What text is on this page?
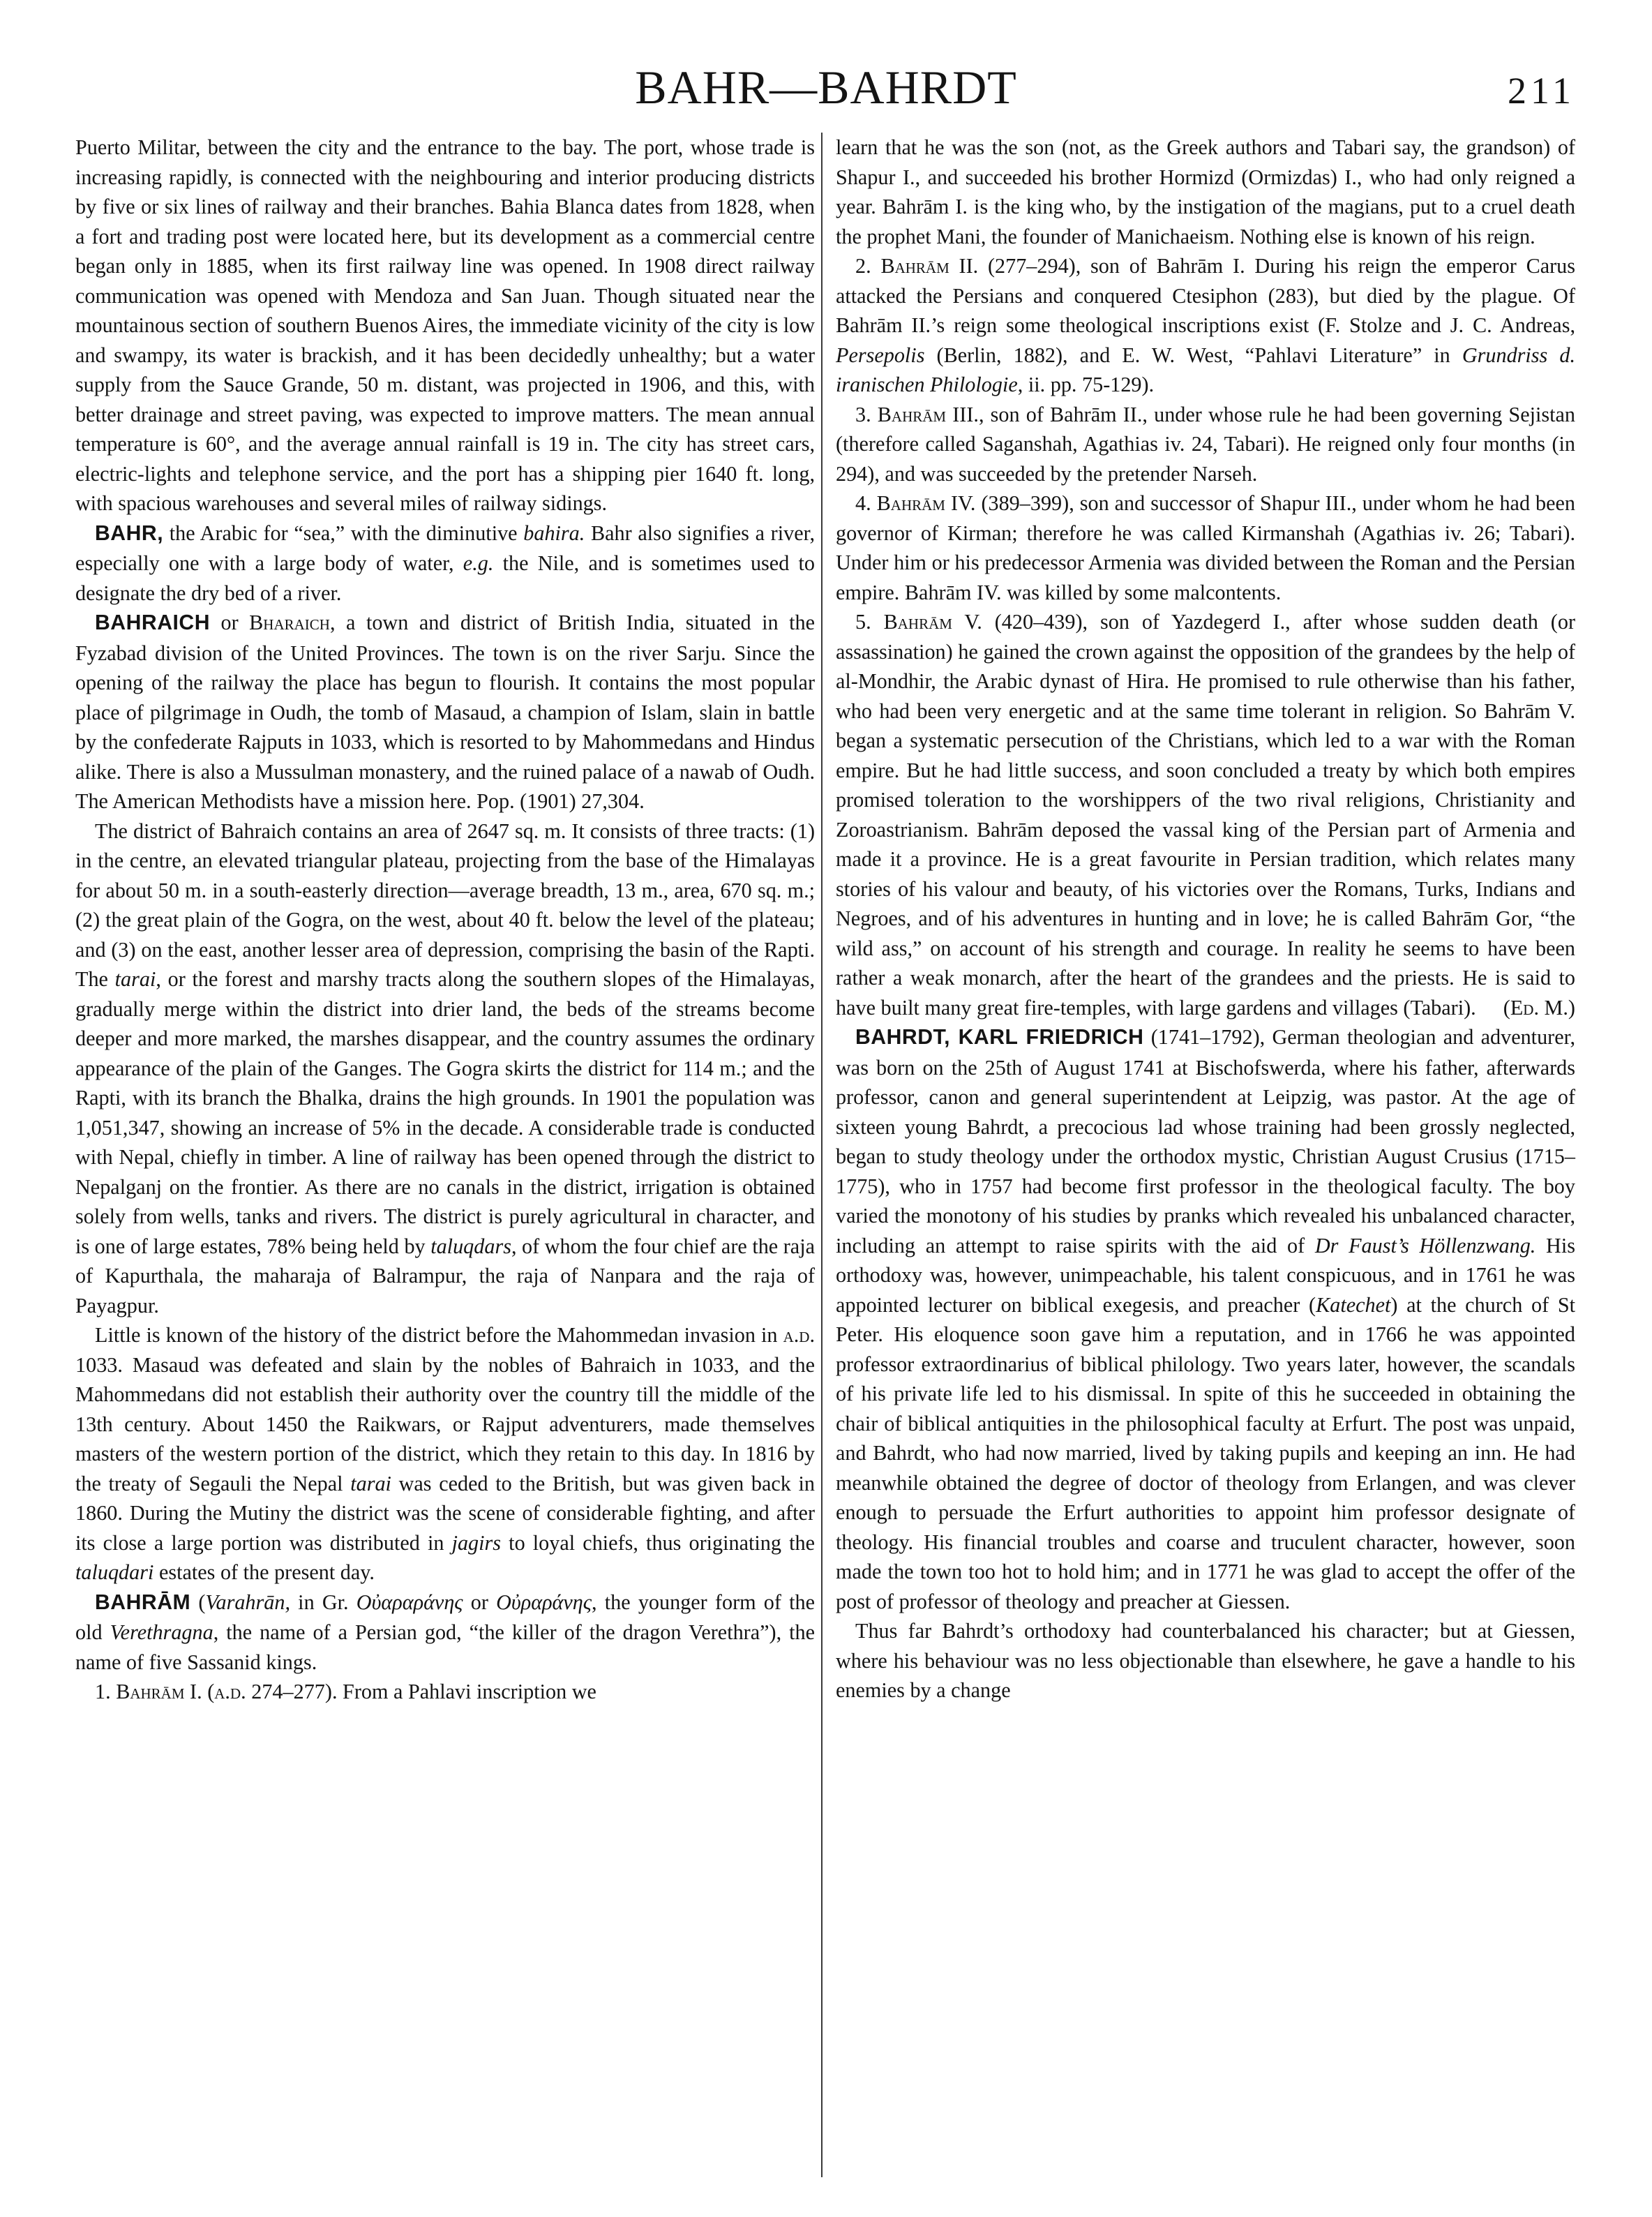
BAHR—BAHRDT	211

Puerto Militar, between the city and the entrance to the bay. The port, whose trade is increasing rapidly, is connected with the neighbouring and interior producing districts by five or six lines of railway and their branches. Bahia Blanca dates from 1828, when a fort and trading post were located here, but its development as a commercial centre began only in 1885, when its first railway line was opened. In 1908 direct railway communication was opened with Mendoza and San Juan. Though situated near the mountainous section of southern Buenos Aires, the immediate vicinity of the city is low and swampy, its water is brackish, and it has been decidedly unhealthy; but a water supply from the Sauce Grande, 50 m. distant, was projected in 1906, and this, with better drainage and street paving, was expected to improve matters. The mean annual temperature is 60°, and the average annual rainfall is 19 in. The city has street cars, electric-lights and telephone service, and the port has a shipping pier 1640 ft. long, with spacious warehouses and several miles of railway sidings.

BAHR, the Arabic for “sea,” with the diminutive bahira. Bahr also signifies a river, especially one with a large body of water, e.g. the Nile, and is sometimes used to designate the dry bed of a river.

BAHRAICH or Bharaich, a town and district of British India, situated in the Fyzabad division of the United Provinces. The town is on the river Sarju. Since the opening of the railway the place has begun to flourish. It contains the most popular place of pilgrimage in Oudh, the tomb of Masaud, a champion of Islam, slain in battle by the confederate Rajputs in 1033, which is resorted to by Mahommedans and Hindus alike. There is also a Mussulman monastery, and the ruined palace of a nawab of Oudh. The American Methodists have a mission here. Pop. (1901) 27,304.

The district of Bahraich contains an area of 2647 sq. m. It consists of three tracts: (1) in the centre, an elevated triangular plateau, projecting from the base of the Himalayas for about 50 m. in a south-easterly direction—average breadth, 13 m., area, 670 sq. m.; (2) the great plain of the Gogra, on the west, about 40 ft. below the level of the plateau; and (3) on the east, another lesser area of depression, comprising the basin of the Rapti. The tarai, or the forest and marshy tracts along the southern slopes of the Himalayas, gradually merge within the district into drier land, the beds of the streams become deeper and more marked, the marshes disappear, and the country assumes the ordinary appearance of the plain of the Ganges. The Gogra skirts the district for 114 m.; and the Rapti, with its branch the Bhalka, drains the high grounds. In 1901 the population was 1,051,347, showing an increase of 5% in the decade. A considerable trade is conducted with Nepal, chiefly in timber. A line of railway has been opened through the district to Nepalganj on the frontier. As there are no canals in the district, irrigation is obtained solely from wells, tanks and rivers. The district is purely agricultural in character, and is one of large estates, 78% being held by taluqdars, of whom the four chief are the raja of Kapurthala, the maharaja of Balrampur, the raja of Nanpara and the raja of Payagpur.

Little is known of the history of the district before the Mahommedan invasion in a.d. 1033. Masaud was defeated and slain by the nobles of Bahraich in 1033, and the Mahommedans did not establish their authority over the country till the middle of the 13th century. About 1450 the Raikwars, or Rajput adventurers, made themselves masters of the western portion of the district, which they retain to this day. In 1816 by the treaty of Segauli the Nepal tarai was ceded to the British, but was given back in 1860. During the Mutiny the district was the scene of considerable fighting, and after its close a large portion was distributed in jagirs to loyal chiefs, thus originating the taluqdari estates of the present day.

BAHRĀM (Varahrān, in Gr. Οὐαραράνης or Οὐραράνης, the younger form of the old Verethragna, the name of a Persian god, “the killer of the dragon Verethra”), the name of five Sassanid kings.

1. Bahrām I. (a.d. 274–277). From a Pahlavi inscription we

learn that he was the son (not, as the Greek authors and Tabari say, the grandson) of Shapur I., and succeeded his brother Hormizd (Ormizdas) I., who had only reigned a year. Bahrām I. is the king who, by the instigation of the magians, put to a cruel death the prophet Mani, the founder of Manichaeism. Nothing else is known of his reign.

2. Bahrām II. (277–294), son of Bahrām I. During his reign the emperor Carus attacked the Persians and conquered Ctesiphon (283), but died by the plague. Of Bahrām II.’s reign some theological inscriptions exist (F. Stolze and J. C. Andreas, Persepolis (Berlin, 1882), and E. W. West, “Pahlavi Literature” in Grundriss d. iranischen Philologie, ii. pp. 75-129).

3. Bahrām III., son of Bahrām II., under whose rule he had been governing Sejistan (therefore called Saganshah, Agathias iv. 24, Tabari). He reigned only four months (in 294), and was succeeded by the pretender Narseh.

4. Bahrām IV. (389–399), son and successor of Shapur III., under whom he had been governor of Kirman; therefore he was called Kirmanshah (Agathias iv. 26; Tabari). Under him or his predecessor Armenia was divided between the Roman and the Persian empire. Bahrām IV. was killed by some malcontents.

5. Bahrām V. (420–439), son of Yazdegerd I., after whose sudden death (or assassination) he gained the crown against the opposition of the grandees by the help of al-Mondhir, the Arabic dynast of Hira. He promised to rule otherwise than his father, who had been very energetic and at the same time tolerant in religion. So Bahrām V. began a systematic persecution of the Christians, which led to a war with the Roman empire. But he had little success, and soon concluded a treaty by which both empires promised toleration to the worshippers of the two rival religions, Christianity and Zoroastrianism. Bahrām deposed the vassal king of the Persian part of Armenia and made it a province. He is a great favourite in Persian tradition, which relates many stories of his valour and beauty, of his victories over the Romans, Turks, Indians and Negroes, and of his adventures in hunting and in love; he is called Bahrām Gor, “the wild ass,” on account of his strength and courage. In reality he seems to have been rather a weak monarch, after the heart of the grandees and the priests. He is said to have built many great fire-temples, with large gardens and villages (Tabari). (Ed. M.)

BAHRDT, KARL FRIEDRICH (1741–1792), German theologian and adventurer, was born on the 25th of August 1741 at Bischofswerda, where his father, afterwards professor, canon and general superintendent at Leipzig, was pastor. At the age of sixteen young Bahrdt, a precocious lad whose training had been grossly neglected, began to study theology under the orthodox mystic, Christian August Crusius (1715–1775), who in 1757 had become first professor in the theological faculty. The boy varied the monotony of his studies by pranks which revealed his unbalanced character, including an attempt to raise spirits with the aid of Dr Faust’s Höllenzwang. His orthodoxy was, however, unimpeachable, his talent conspicuous, and in 1761 he was appointed lecturer on biblical exegesis, and preacher (Katechet) at the church of St Peter. His eloquence soon gave him a reputation, and in 1766 he was appointed professor extraordinarius of biblical philology. Two years later, however, the scandals of his private life led to his dismissal. In spite of this he succeeded in obtaining the chair of biblical antiquities in the philosophical faculty at Erfurt. The post was unpaid, and Bahrdt, who had now married, lived by taking pupils and keeping an inn. He had meanwhile obtained the degree of doctor of theology from Erlangen, and was clever enough to persuade the Erfurt authorities to appoint him professor designate of theology. His financial troubles and coarse and truculent character, however, soon made the town too hot to hold him; and in 1771 he was glad to accept the offer of the post of professor of theology and preacher at Giessen.

Thus far Bahrdt’s orthodoxy had counterbalanced his character; but at Giessen, where his behaviour was no less objectionable than elsewhere, he gave a handle to his enemies by a change
